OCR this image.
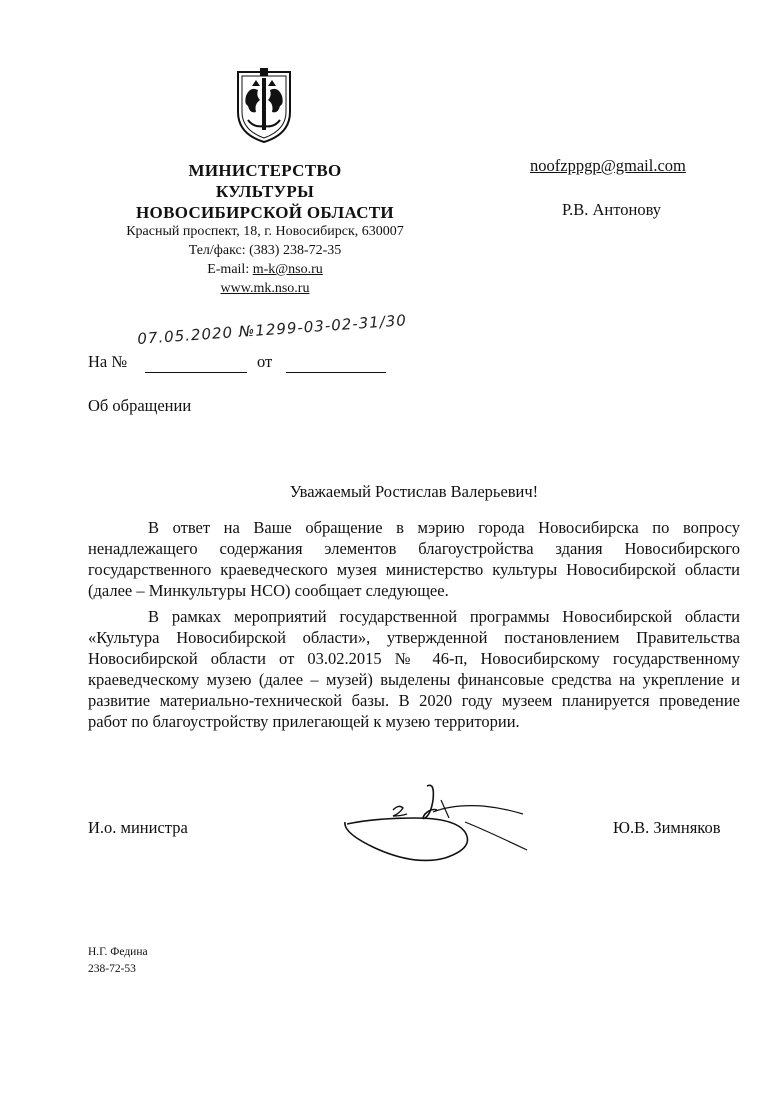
МИНИСТЕРСТВО
КУЛЬТУРЫ
НОВОСИБИРСКОЙ ОБЛАСТИ
Красный проспект, 18, г. Новосибирск, 630007
Тел/факс: (383) 238-72-35
E-mail: m-k@nso.ru
www.mk.nso.ru
noofzppgp@gmail.com
Р.В. Антонову
07.05.2020 №1299-03-02-31/30
На №	от
Об обращении
Уважаемый Ростислав Валерьевич!
В ответ на Ваше обращение в мэрию города Новосибирска по вопросу ненадлежащего содержания элементов благоустройства здания Новосибирского государственного краеведческого музея министерство культуры Новосибирской области (далее – Минкультуры НСО) сообщает следующее.
В рамках мероприятий государственной программы Новосибирской области «Культура Новосибирской области», утвержденной постановлением Правительства Новосибирской области от 03.02.2015 № 46-п, Новосибирскому государственному краеведческому музею (далее – музей) выделены финансовые средства на укрепление и развитие материально-технической базы. В 2020 году музеем планируется проведение работ по благоустройству прилегающей к музею территории.
И.о. министра	Ю.В. Зимняков
Н.Г. Федина
238-72-53
